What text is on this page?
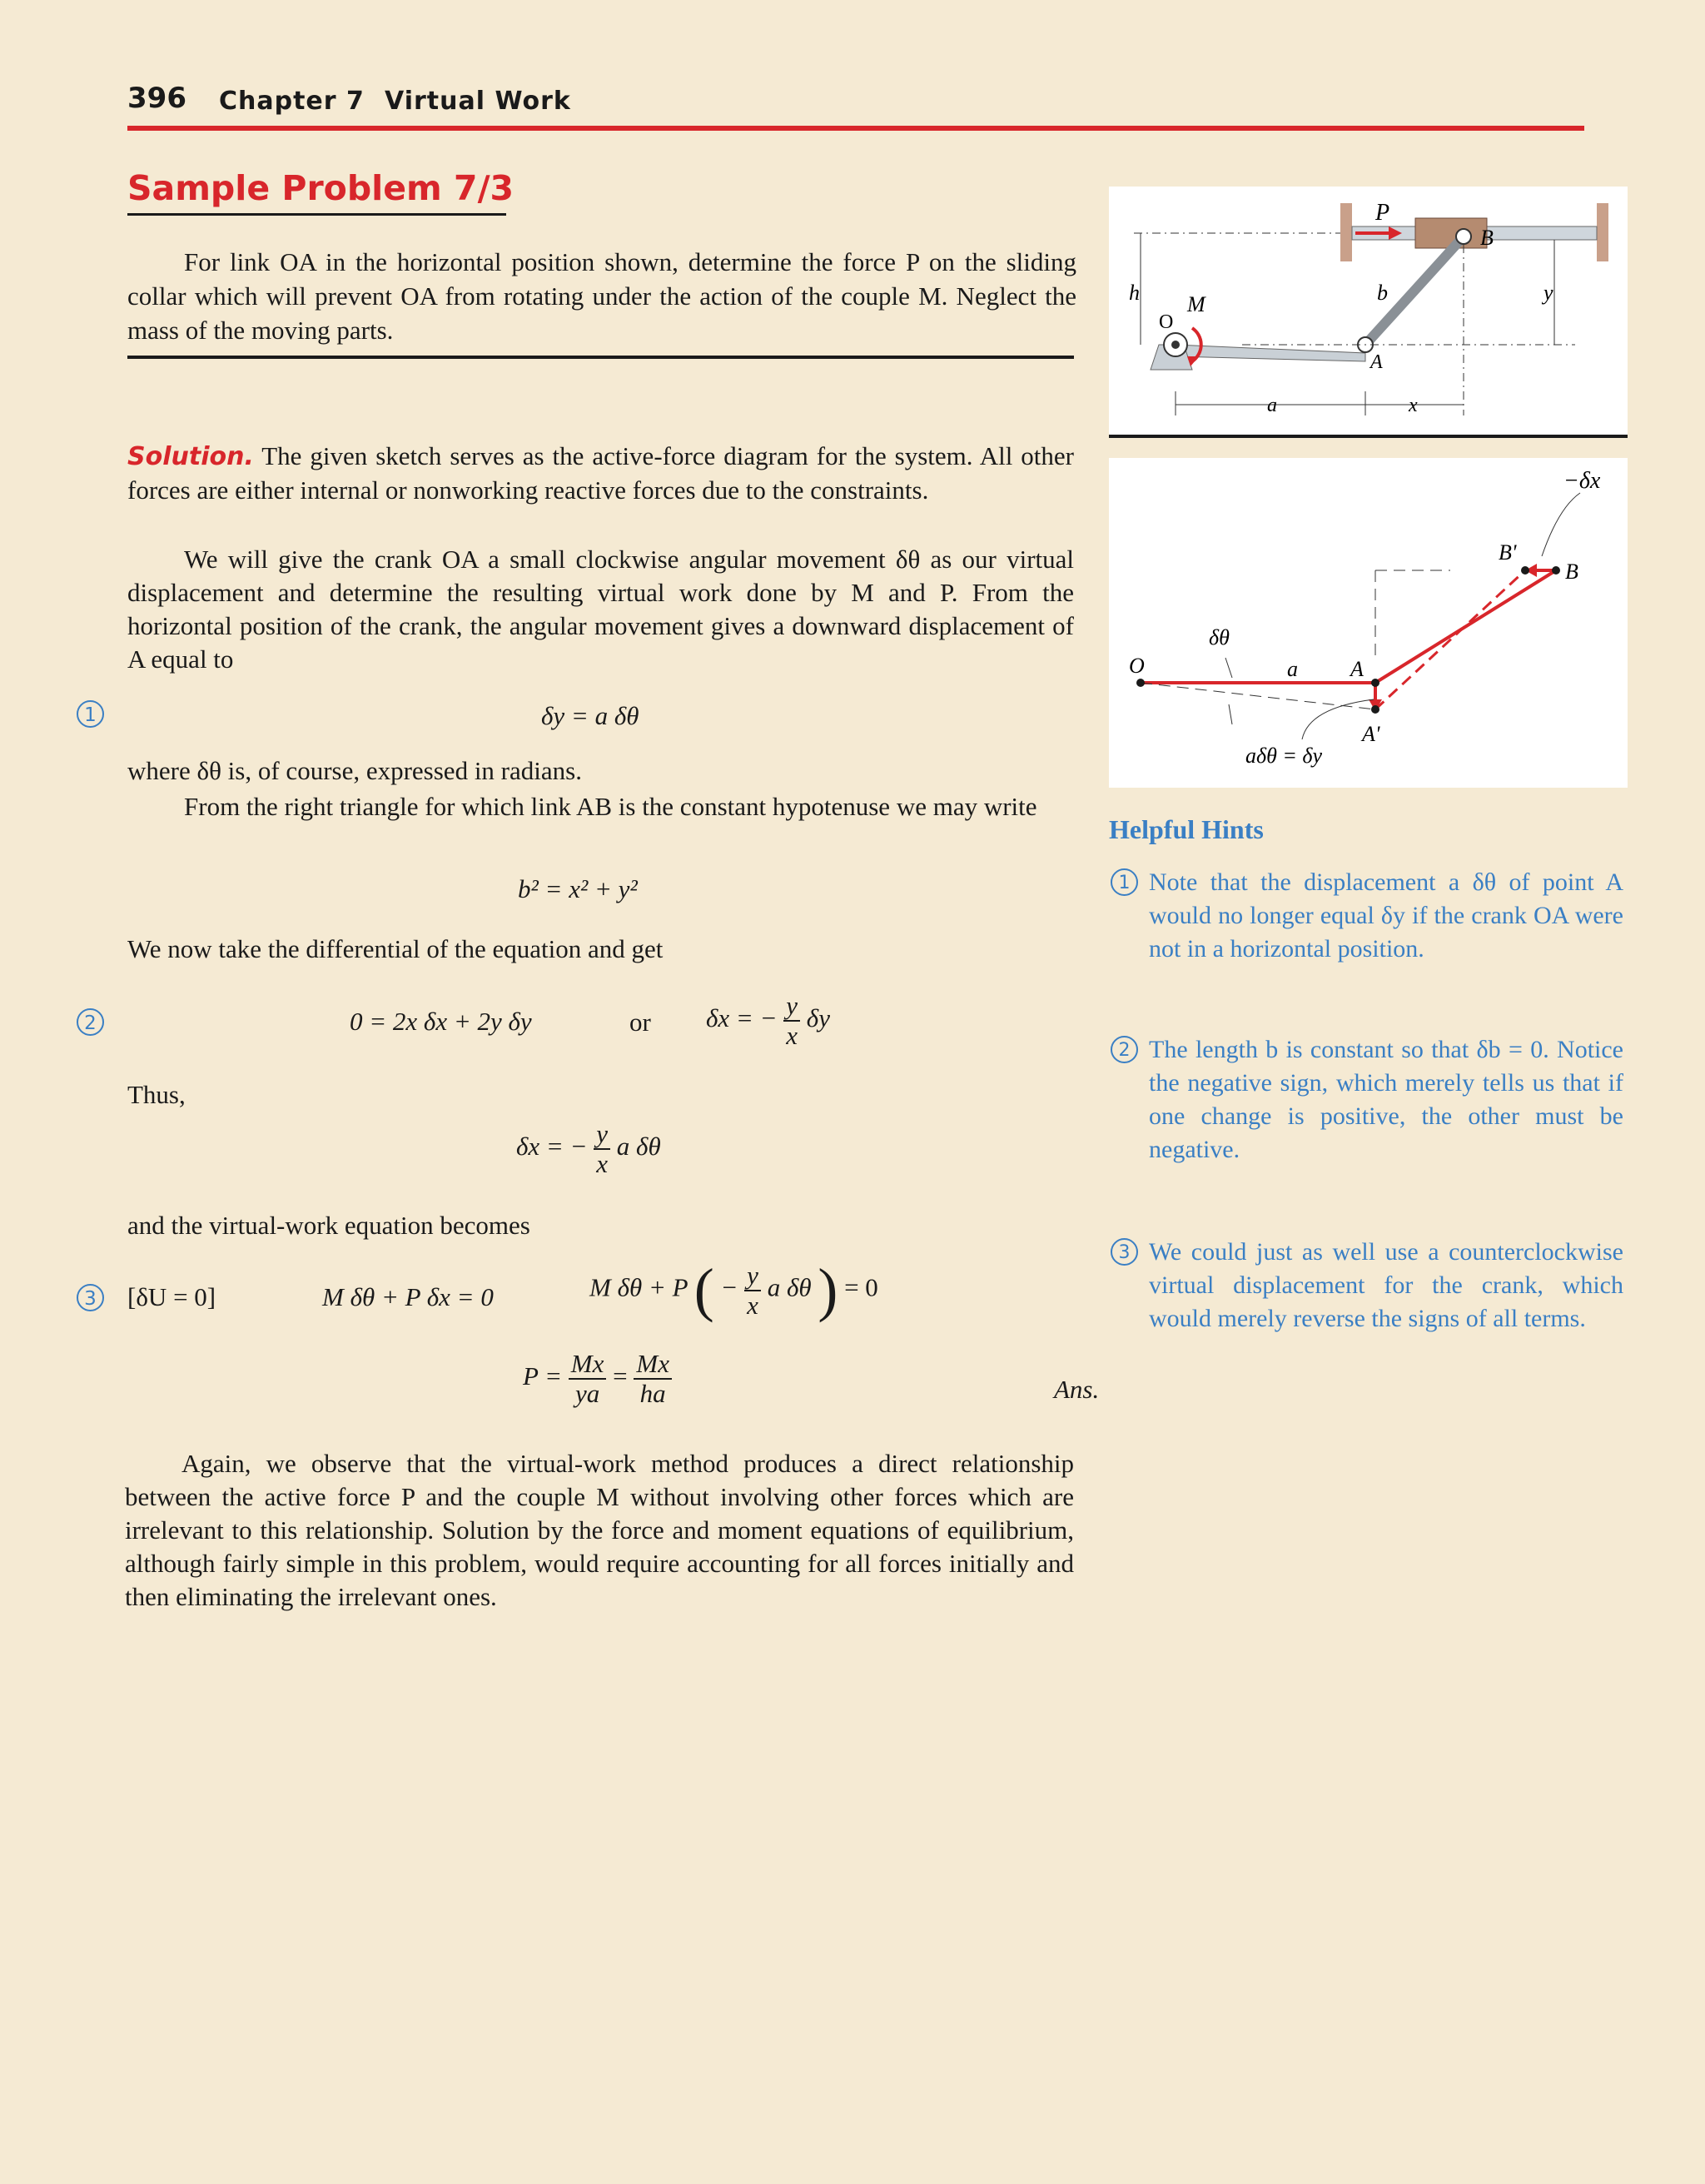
396 Chapter 7 Virtual Work
Sample Problem 7/3
For link OA in the horizontal position shown, determine the force P on the sliding collar which will prevent OA from rotating under the action of the couple M. Neglect the mass of the moving parts.
Solution. The given sketch serves as the active-force diagram for the system. All other forces are either internal or nonworking reactive forces due to the constraints.
We will give the crank OA a small clockwise angular movement δθ as our virtual displacement and determine the resulting virtual work done by M and P. From the horizontal position of the crank, the angular movement gives a downward displacement of A equal to
1	δy = a δθ
where δθ is, of course, expressed in radians.
From the right triangle for which link AB is the constant hypotenuse we may write
b² = x² + y²
We now take the differential of the equation and get
2	0 = 2x δx + 2y δy	or δx = − $\frac{y}{x}$ δy
Thus,
δx = − $\frac{y}{x}$ a δθ
and the virtual-work equation becomes
3 [δU = 0]	M δθ + P δx = 0	M δθ + P ( − $\frac{y}{x}$ a δθ ) = 0
$P = \frac{Mx}{ya} = \frac{Mx}{ha}$	Ans.
Again, we observe that the virtual-work method produces a direct relationship between the active force P and the couple M without involving other forces which are irrelevant to this relationship. Solution by the force and moment equations of equilibrium, although fairly simple in this problem, would require accounting for all forces initially and then eliminating the irrelevant ones.
P
B
h
O
M	b	y
A
a	x
−δx
B'
B
δθ
O	a A
A'
aδθ = δy
Helpful Hints
1 Note that the displacement a δθ of point A would no longer equal δy if the crank OA were not in a horizontal position.
2 The length b is constant so that δb = 0. Notice the negative sign, which merely tells us that if one change is positive, the other must be negative.
3 We could just as well use a counterclockwise virtual displacement for the crank, which would merely reverse the signs of all terms.
